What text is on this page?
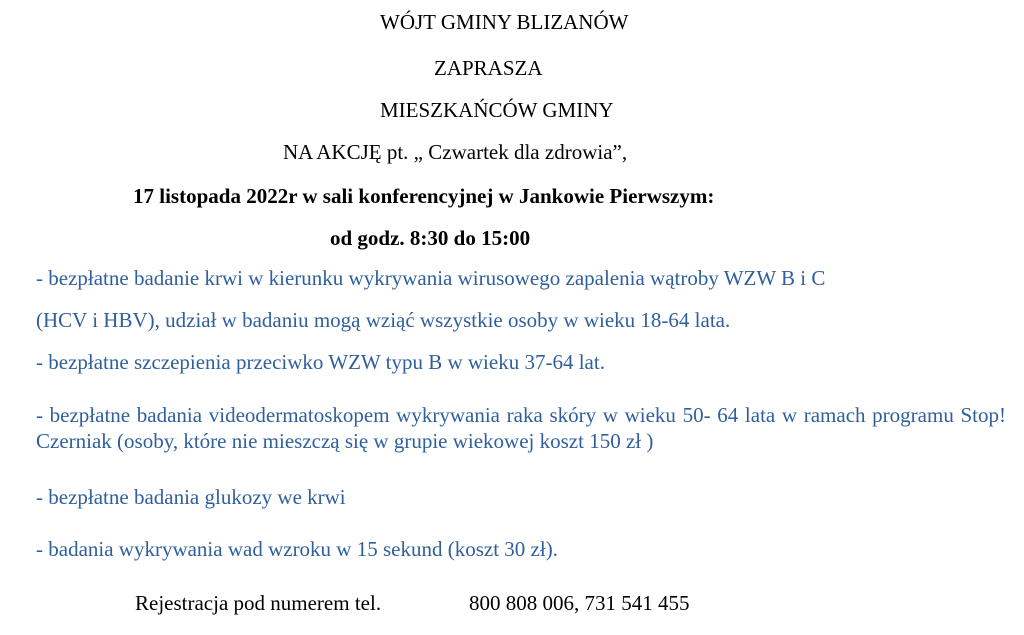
WÓJT GMINY BLIZANÓW
ZAPRASZA
MIESZKAŃCÓW GMINY
NA AKCJĘ pt. „ Czwartek dla zdrowia”,
17 listopada 2022r w sali konferencyjnej w Jankowie Pierwszym:
od godz. 8:30 do 15:00
- bezpłatne badanie krwi w kierunku wykrywania wirusowego zapalenia wątroby WZW B i C
(HCV i HBV), udział w badaniu mogą wziąć wszystkie osoby w wieku 18-64 lata.
- bezpłatne szczepienia przeciwko WZW typu B w wieku 37-64 lat.
- bezpłatne badania videodermatoskopem wykrywania raka skóry w wieku 50- 64 lata w ramach programu Stop! Czerniak (osoby, które nie mieszczą się w grupie wiekowej koszt 150 zł )
- bezpłatne badania glukozy we krwi
- badania wykrywania wad wzroku w 15 sekund (koszt 30 zł).
Rejestracja pod numerem tel.	800 808 006, 731 541 455
